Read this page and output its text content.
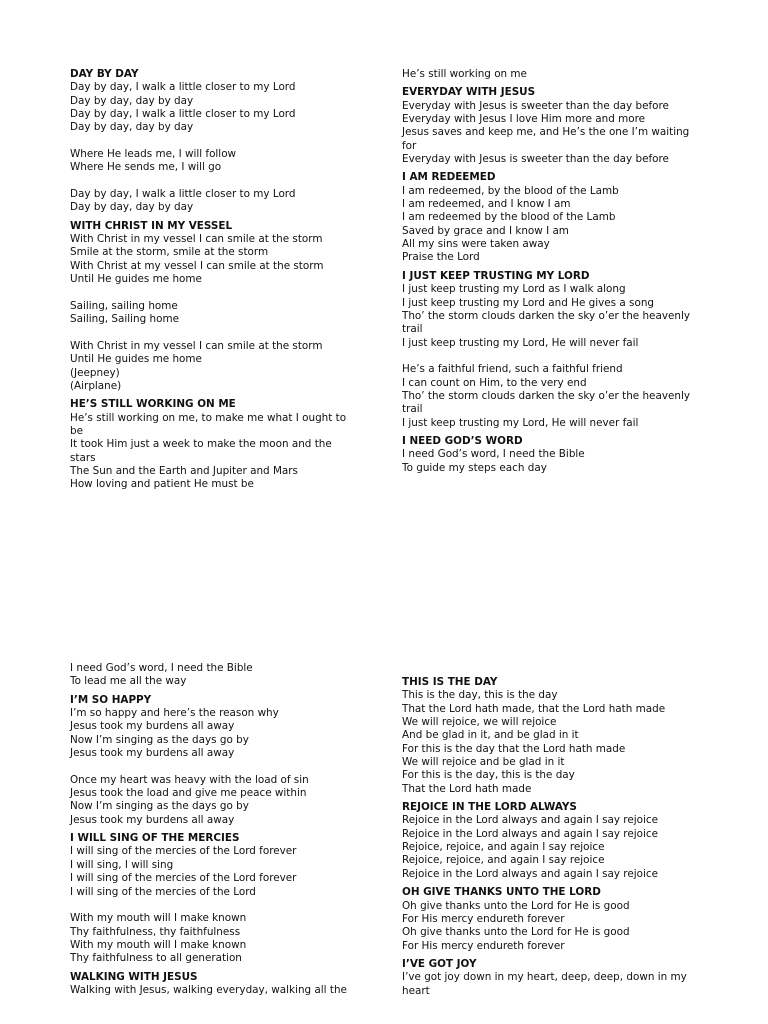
DAY BY DAY
Day by day, I walk a little closer to my Lord
Day by day, day by day
Day by day, I walk a little closer to my Lord
Day by day, day by day
Where He leads me, I will follow
Where He sends me, I will go
Day by day, I walk a little closer to my Lord
Day by day, day by day
WITH CHRIST IN MY VESSEL
With Christ in my vessel I can smile at the storm
Smile at the storm, smile at the storm
With Christ at my vessel I can smile at the storm
Until He guides me home
Sailing, sailing home
Sailing, Sailing home
With Christ in my vessel I can smile at the storm
Until He guides me home
(Jeepney)
(Airplane)
HE’S STILL WORKING ON ME
He’s still working on me, to make me what I ought to
be
It took Him just a week to make the moon and the
stars
The Sun and the Earth and Jupiter and Mars
How loving and patient He must be
He’s still working on me
EVERYDAY WITH JESUS
Everyday with Jesus is sweeter than the day before
Everyday with Jesus I love Him more and more
Jesus saves and keep me, and He’s the one I’m waiting
for
Everyday with Jesus is sweeter than the day before
I AM REDEEMED
I am redeemed, by the blood of the Lamb
I am redeemed, and I know I am
I am redeemed by the blood of the Lamb
Saved by grace and I know I am
All my sins were taken away
Praise the Lord
I JUST KEEP TRUSTING MY LORD
I just keep trusting my Lord as I walk along
I just keep trusting my Lord and He gives a song
Tho’ the storm clouds darken the sky o’er the heavenly
trail
I just keep trusting my Lord, He will never fail
He’s a faithful friend, such a faithful friend
I can count on Him, to the very end
Tho’ the storm clouds darken the sky o’er the heavenly
trail
I just keep trusting my Lord, He will never fail
I NEED GOD’S WORD
I need God’s word, I need the Bible
To guide my steps each day
I need God’s word, I need the Bible
To lead me all the way
I’M SO HAPPY
I’m so happy and here’s the reason why
Jesus took my burdens all away
Now I’m singing as the days go by
Jesus took my burdens all away
Once my heart was heavy with the load of sin
Jesus took the load and give me peace within
Now I’m singing as the days go by
Jesus took my burdens all away
I WILL SING OF THE MERCIES
I will sing of the mercies of the Lord forever
I will sing, I will sing
I will sing of the mercies of the Lord forever
I will sing of the mercies of the Lord
With my mouth will I make known
Thy faithfulness, thy faithfulness
With my mouth will I make known
Thy faithfulness to all generation
WALKING WITH JESUS
Walking with Jesus, walking everyday, walking all the
THIS IS THE DAY
This is the day, this is the day
That the Lord hath made, that the Lord hath made
We will rejoice, we will rejoice
And be glad in it, and be glad in it
For this is the day that the Lord hath made
We will rejoice and be glad in it
For this is the day, this is the day
That the Lord hath made
REJOICE IN THE LORD ALWAYS
Rejoice in the Lord always and again I say rejoice
Rejoice in the Lord always and again I say rejoice
Rejoice, rejoice, and again I say rejoice
Rejoice, rejoice, and again I say rejoice
Rejoice in the Lord always and again I say rejoice
OH GIVE THANKS UNTO THE LORD
Oh give thanks unto the Lord for He is good
For His mercy endureth forever
Oh give thanks unto the Lord for He is good
For His mercy endureth forever
I’VE GOT JOY
I’ve got joy down in my heart, deep, deep, down in my
heart
